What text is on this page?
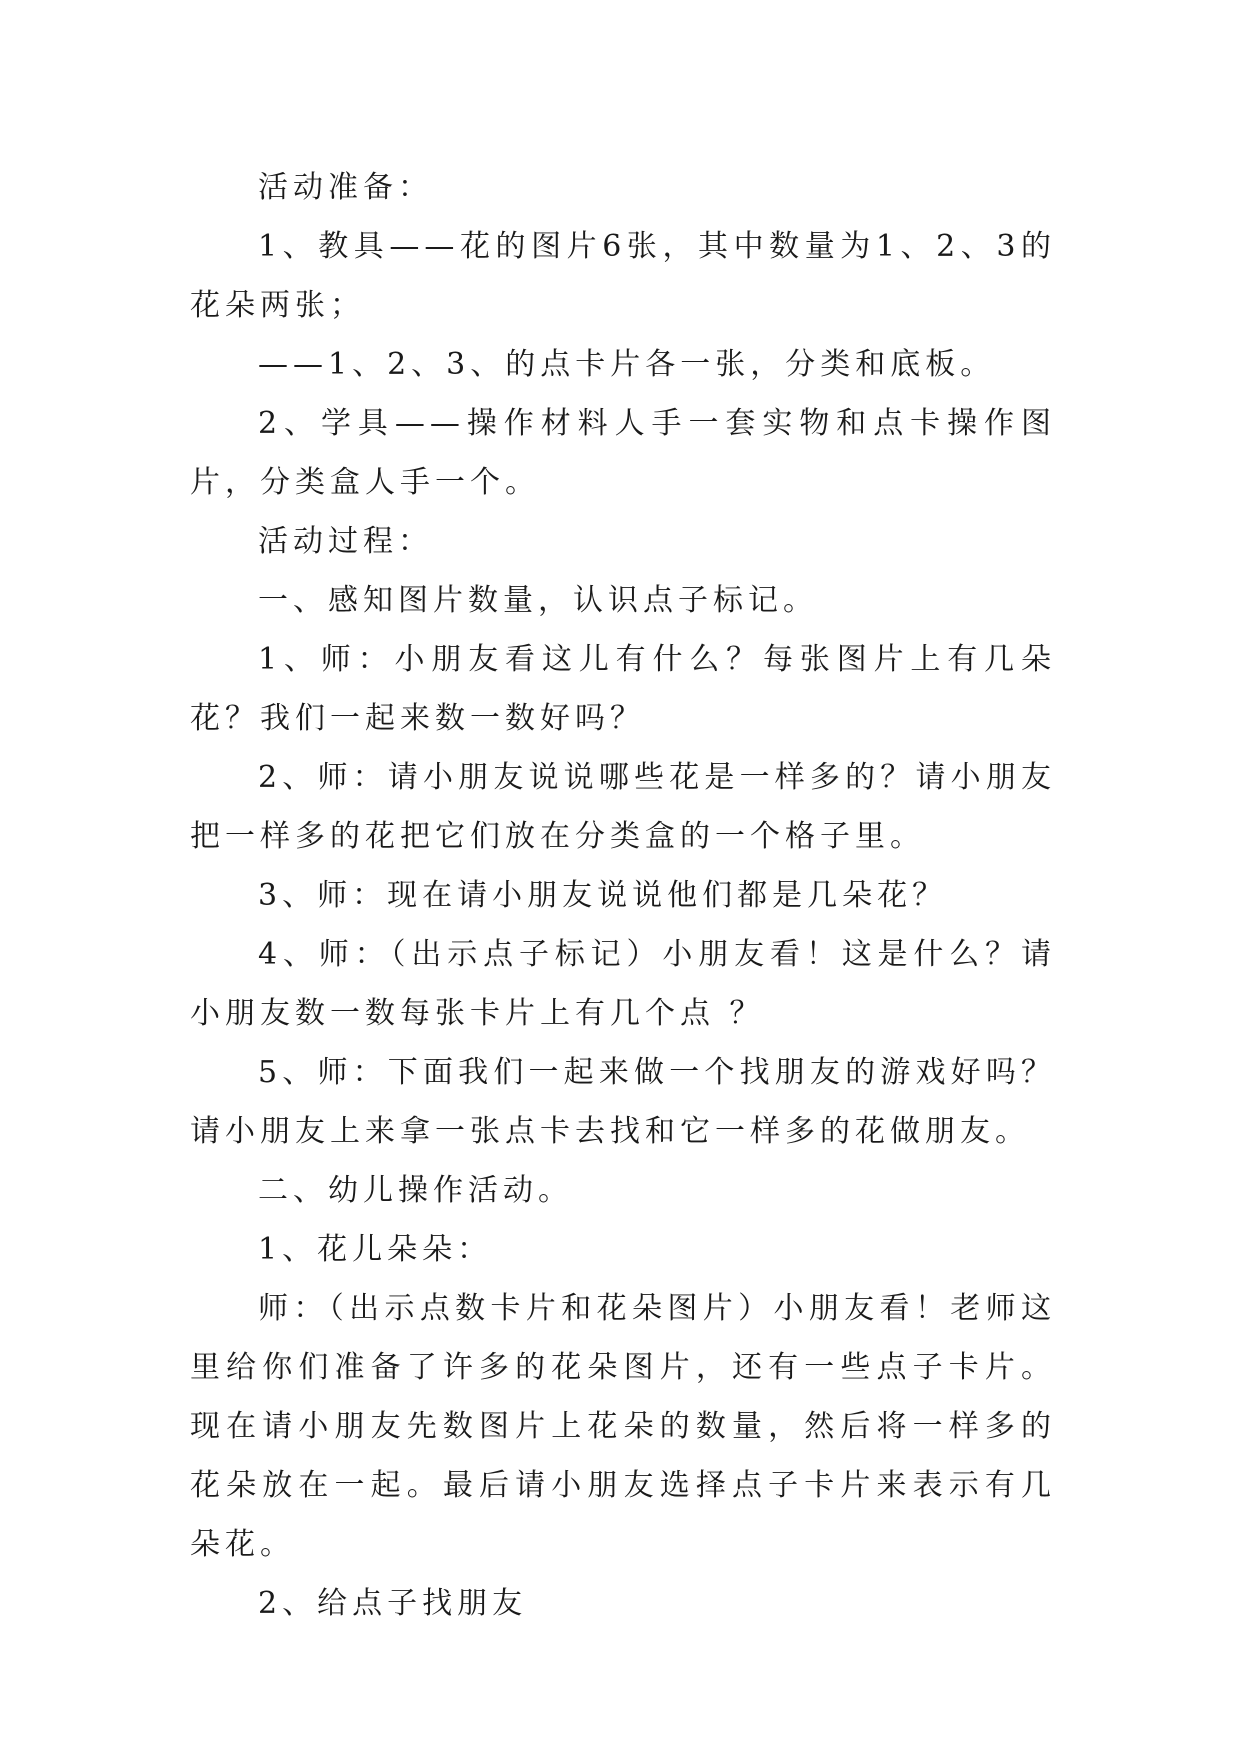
活动准备：

1、教具——花的图片6张，其中数量为1、2、3的花朵两张；

——1、2、3、的点卡片各一张，分类和底板。

2、学具——操作材料人手一套实物和点卡操作图片，分类盒人手一个。

活动过程：

一、感知图片数量，认识点子标记。

1、师：小朋友看这儿有什么？每张图片上有几朵花？我们一起来数一数好吗？

2、师：请小朋友说说哪些花是一样多的？请小朋友把一样多的花把它们放在分类盒的一个格子里。

3、师：现在请小朋友说说他们都是几朵花？

4、师：（出示点子标记）小朋友看！这是什么？请小朋友数一数每张卡片上有几个点 ？

5、师：下面我们一起来做一个找朋友的游戏好吗？请小朋友上来拿一张点卡去找和它一样多的花做朋友。

二、幼儿操作活动。

1、花儿朵朵：

师：（出示点数卡片和花朵图片）小朋友看！老师这里给你们准备了许多的花朵图片，还有一些点子卡片。现在请小朋友先数图片上花朵的数量，然后将一样多的花朵放在一起。最后请小朋友选择点子卡片来表示有几朵花。

2、给点子找朋友
